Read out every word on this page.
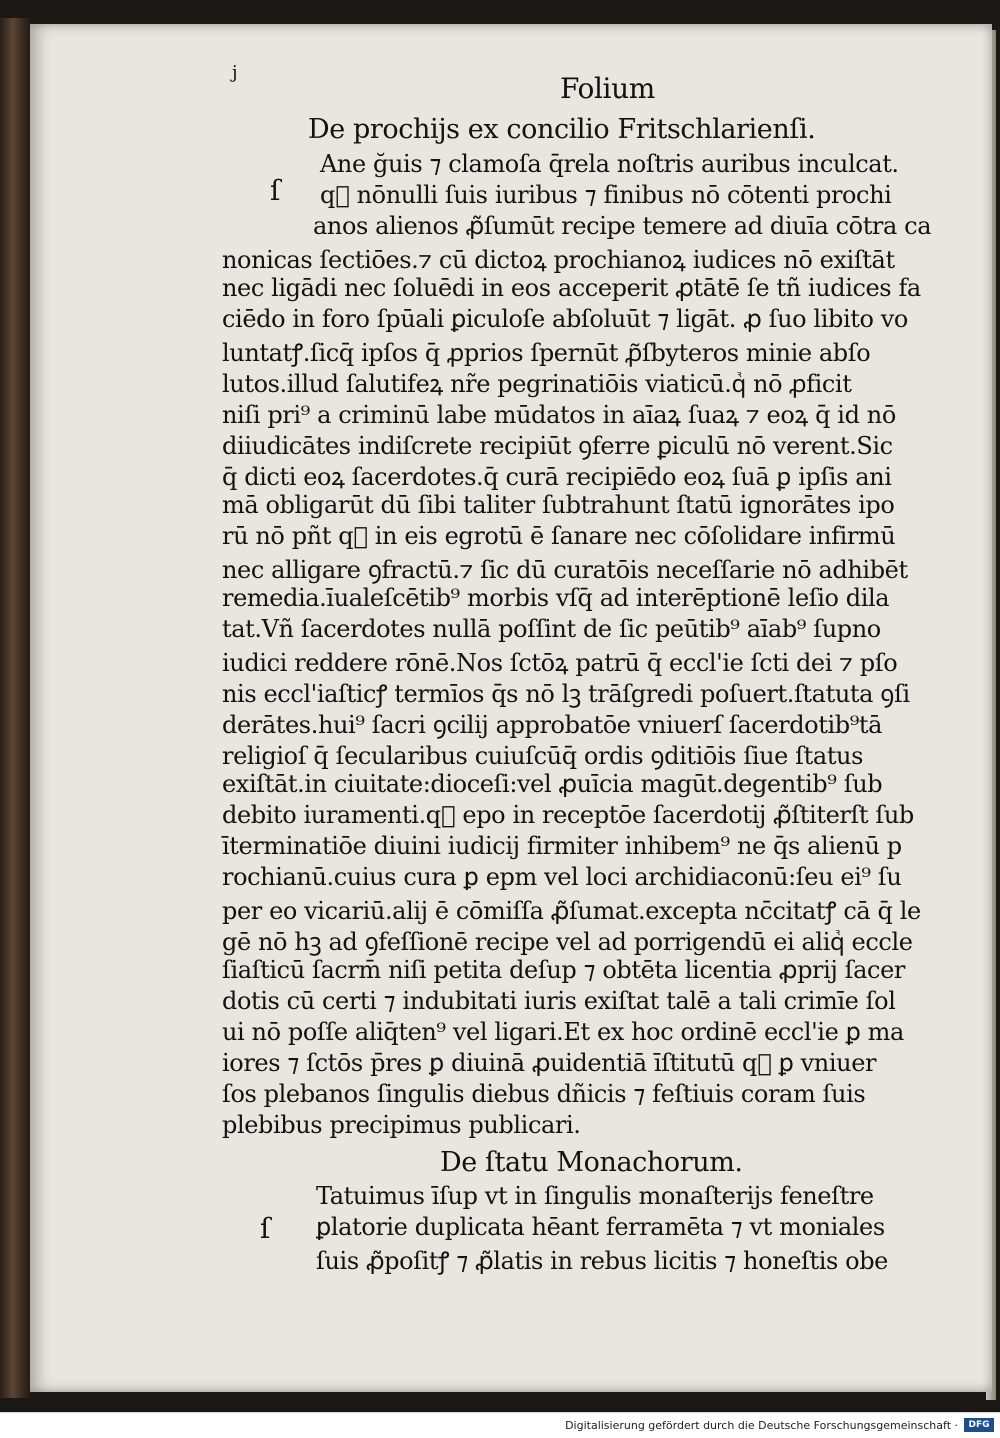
j	Folium
De prochijs ex concilio Fritschlarienſi.
ſ
Ane ğuis ⁊ clamoſa q̄rela noſtris auribus inculcat.
qᷣ nōnulli ſuis iuribus ⁊ finibus nō cōtenti prochi
anos alienos ꝓ̃ſumūt recipe temere ad diuīa cōtra ca
nonicas ſectiōes.⁊ cū dictoꝝ prochianoꝝ iudices nō exiſtāt
nec ligādi nec ſoluēdi in eos acceperit ꝓtātē ſe tñ iudices fa
ciēdo in foro ſpūali ꝑiculoſe abſoluūt ⁊ ligāt. ꝓ ſuo libito vo
luntatꝭ.ſicq̄ ipſos q̄ ꝓprios ſpernūt ꝓ̃ſbyteros minie abſo
lutos.illud ſalutifeꝝ nr̃e pegrinatiōis viaticū.qᷣ nō ꝓficit
niſi pri⁹ a criminū labe mūdatos in aīaꝝ ſuaꝝ ⁊ eoꝝ q̄ id nō
diiudicātes indiſcrete recipiūt ꝯferre ꝑiculū nō verent.Sic
q̄ dicti eoꝝ ſacerdotes.q̄ curā recipiēdo eoꝝ ſuā ꝑ ipſis ani
mā obligarūt dū ſibi taliter ſubtrahunt ſtatū ignorātes ipo
rū nō pñt qᷣ in eis egrotū ē ſanare nec cōſolidare infirmū
nec alligare ꝯfractū.⁊ ſic dū curatōis neceſſarie nō adhibēt
remedia.īualeſcētib⁹ morbis vſq̄ ad interēptionē leſio dila
tat.Vñ ſacerdotes nullā poſſint de ſic peūtib⁹ aīab⁹ ſupno
iudici reddere rōnē.Nos ſctōꝝ patrū q̄ eccl'ie ſcti dei ⁊ pſo
nis eccl'iaſticꝭ termīos q̄s nō lꝫ trāſgredi poſuert.ſtatuta ꝯſi
derātes.hui⁹ ſacri ꝯcilij approbatōe vniuerſ ſacerdotib⁹tā
religioſ q̄ ſecularibus cuiuſcūq̄ ordis ꝯditiōis ſiue ſtatus
exiſtāt.in ciuitate:dioceſi:vel ꝓuīcia magūt.degentib⁹ ſub
debito iuramenti.qᷣ epo in receptōe ſacerdotij ꝓ̃ſtiterſt ſub
īterminatiōe diuini iudicij firmiter inhibem⁹ ne q̄s alienū p
rochianū.cuius cura ꝑ epm vel loci archidiaconū:ſeu ei⁹ ſu
per eo vicariū.alij ē cōmiſſa ꝓ̃ſumat.excepta nc̄citatꝭ cā q̄ le
gē nō hꝫ ad ꝯfeſſionē recipe vel ad porrigendū ei aliqᷣ eccle
ſiaſticū ſacrm̄ niſi petita deſup ⁊ obtēta licentia ꝓprij ſacer
dotis cū certi ⁊ indubitati iuris exiſtat talē a tali crimīe ſol
ui nō poſſe aliq̄ten⁹ vel ligari.Et ex hoc ordinē eccl'ie ꝑ ma
iores ⁊ ſctōs p̄res ꝑ diuinā ꝓuidentiā īſtitutū qᷣ ꝑ vniuer
ſos plebanos ſingulis diebus dñicis ⁊ feſtiuis coram ſuis
plebibus precipimus publicari.
De ſtatu Monachorum.
ſ
Tatuimus īſup vt in ſingulis monaſterijs feneſtre
ꝑlatorie duplicata hēant ferramēta ⁊ vt moniales
ſuis ꝓ̃poſitꝭ ⁊ ꝓ̃latis in rebus licitis ⁊ honeſtis obe
Digitalisierung gefördert durch die Deutsche Forschungsgemeinschaft ·	DFG
